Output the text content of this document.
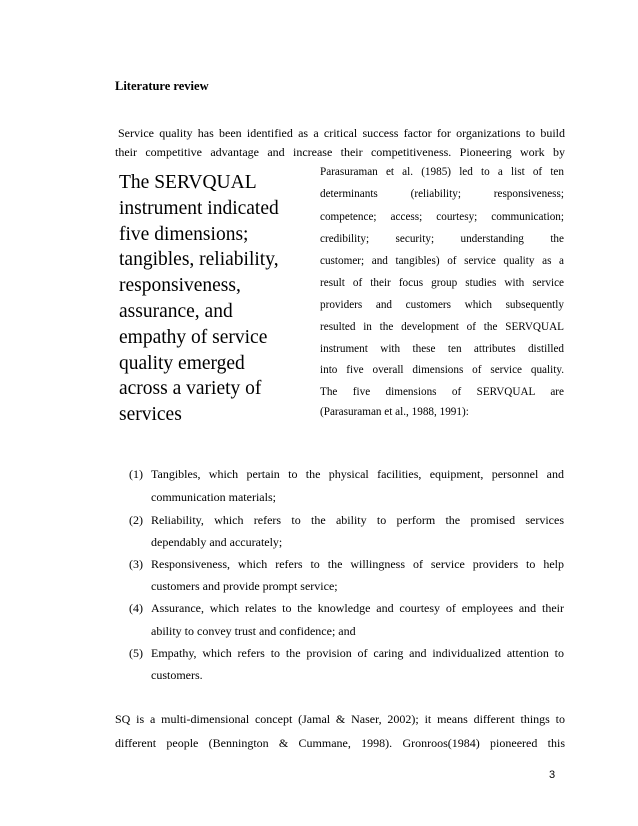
Literature review
Service quality has been identified as a critical success factor for organizations to build
their competitive advantage and increase their competitiveness. Pioneering work by
The SERVQUAL
instrument indicated
five dimensions;
tangibles, reliability,
responsiveness,
assurance, and
empathy of service
quality emerged
across a variety of
services
Parasuraman et al. (1985) led to a list of ten
determinants (reliability; responsiveness;
competence; access; courtesy; communication;
credibility; security; understanding the
customer; and tangibles) of service quality as a
result of their focus group studies with service
providers and customers which subsequently
resulted in the development of the SERVQUAL
instrument with these ten attributes distilled
into five overall dimensions of service quality.
The five dimensions of SERVQUAL are
(Parasuraman et al., 1988, 1991):
(1) Tangibles, which pertain to the physical facilities, equipment, personnel and
communication materials;
(2) Reliability, which refers to the ability to perform the promised services
dependably and accurately;
(3) Responsiveness, which refers to the willingness of service providers to help
customers and provide prompt service;
(4) Assurance, which relates to the knowledge and courtesy of employees and their
ability to convey trust and confidence; and
(5) Empathy, which refers to the provision of caring and individualized attention to
customers.
SQ is a multi-dimensional concept (Jamal & Naser, 2002); it means different things to
different people (Bennington & Cummane, 1998). Gronroos(1984) pioneered this
3
